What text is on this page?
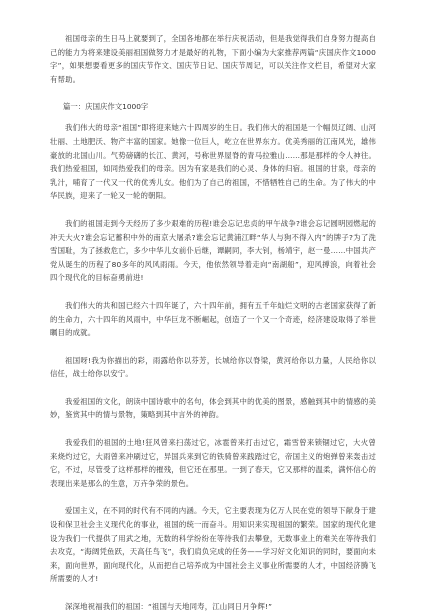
祖国母亲的生日马上就要到了，全国各地都在举行庆祝活动，但是我觉得我们自身努力提高自己的能力为将来建设美丽祖国做努力才是最好的礼物，下面小编为大家推荐两篇“庆国庆作文1000字”，如果想要看更多的国庆节作文、国庆节日记、国庆节周记，可以关注作文栏目，希望对大家有帮助。

篇一：庆国庆作文1000字

我们伟大的母亲“祖国”即将迎来她六十四周岁的生日。我们伟大的祖国是一个幅员辽阔、山河壮丽、土地肥沃、物产丰富的国家。她像一位巨人，屹立在世界东方。优美秀丽的江南风光，雄伟豪放的北国山川。气势磅礴的长江、黄河，号称世界屋脊的青马拉雅山……那是那样的令人神往。我们热爱祖国，如同热爱我们的母亲。因为有家是我们的心灵、身体的归宿。祖国的甘泉，母亲的乳汁，哺育了一代又一代的优秀儿女。他们为了自己的祖国，不惜牺牲自己的生命。为了伟大的中华民族，迎来了一轮又一轮的朝阳。

我们的祖国走到今天经历了多少艰难的历程!谁会忘记忠贞的甲午战争?谁会忘记圆明园燃起的冲天大火?谁会忘记蓄积中外的南京大屠杀?谁会忘记黄浦江畔“华人与狗不得入内”的牌子?为了洗雪国耻，为了拯救危亡，多少中华儿女前仆后继，谭嗣同，李大钊，杨靖宇，赵一曼……中国共产党从诞生的历程了80多年的风风雨雨。今天，他依然领导着走向“南湖船”，迎风搏浪，向着社会四个现代化的目标奋勇前进!

我们伟大的共和国已经六十四年诞了，六十四年前，拥有五千年灿烂文明的古老国家获得了新的生命力，六十四年的风雨中，中华巨龙不断崛起，创造了一个又一个奇迹，经济建设取得了举世瞩目的成就。

祖国呀!我为你描出的彩，雨露给你以芬芳，长城给你以脊梁，黄河给你以力量，人民给你以信任，战士给你以安宁。

我爱祖国的文化，朗读中国诗歌中的名句，体会到其中的优美的图景，感触到其中的情感的美妙，鉴赏其中的情与景物，策略到其中言外的神韵。

我爱我们的祖国的土地!狂风曾来扫荡过它，冰雹曾来打击过它，霜雪曾来锁锢过它，大火曾来烧灼过它，大雨曾来冲刷过它，异国兵来到它的铁骑曾来践踏过它，帝国主义的炮弹曾来轰击过它，不过，尽管受了这样那样的摧残，但它还在那里。一到了春天，它又那样的温柔，满怀信心的表现出来是那么的生意，万卉争荣的景色。

爱国主义，在不同的时代有不同的内涵。今天，它主要表现为亿万人民在党的领导下献身于建设和保卫社会主义现代化的事业，祖国的统一而奋斗。用知识来实现祖国的繁荣。国家的现代化建设为我们一代提供了用武之地，无数的科学纷纷在等待我们去攀登，无数事业上的难关在等待我们去攻克，“海阔凭鱼跃，天高任鸟飞”，我们肩负完成的任务——学习好文化知识的同时，要面向未来，面向世界，面向现代化，从而把自己培养成为中国社会主义事业所需要的人才，中国经济腾飞所需要的人才!

深深地祝福我们的祖国：“祖国与天地同寿，江山同日月争辉!”
